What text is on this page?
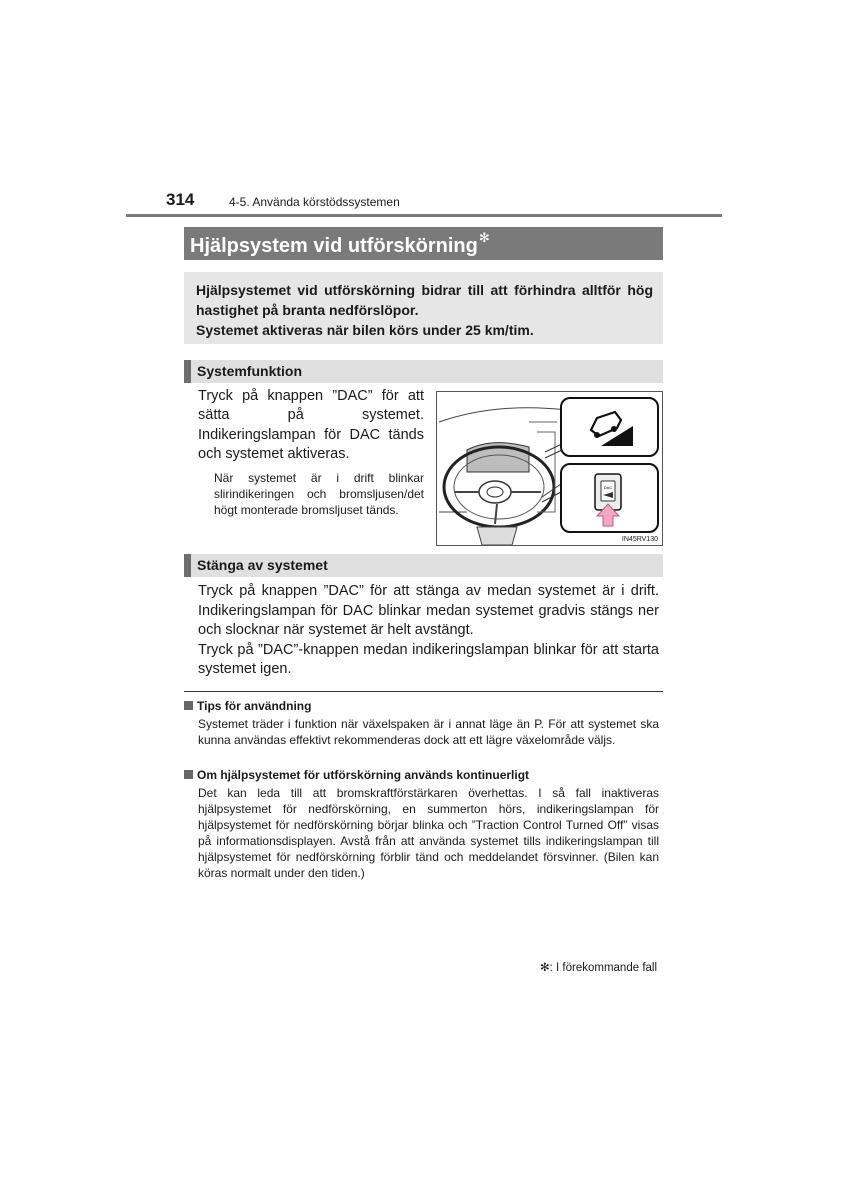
314	4-5. Använda körstödssystemen
Hjälpsystem vid utförskörning✻

Hjälpsystemet vid utförskörning bidrar till att förhindra alltför hög hastighet på branta nedförslöpor.

Systemet aktiveras när bilen körs under 25 km/tim.

Systemfunktion
Tryck på knappen ”DAC” för att sätta på systemet. Indikeringslampan för DAC tänds och systemet aktiveras.
När systemet är i drift blinkar slirindikeringen och bromsljusen/det högt monterade bromsljuset tänds.
DAC
IN45RV130
Stänga av systemet

Tryck på knappen ”DAC” för att stänga av medan systemet är i drift. Indikeringslampan för DAC blinkar medan systemet gradvis stängs ner och slocknar när systemet är helt avstängt.

Tryck på ”DAC”-knappen medan indikeringslampan blinkar för att starta systemet igen.

Tips för användning
Systemet träder i funktion när växelspaken är i annat läge än P. För att systemet ska kunna användas effektivt rekommenderas dock att ett lägre växelområde väljs.
Om hjälpsystemet för utförskörning används kontinuerligt
Det kan leda till att bromskraftförstärkaren överhettas. I så fall inaktiveras hjälpsystemet för nedförskörning, en summerton hörs, indikeringslampan för hjälpsystemet för nedförskörning börjar blinka och ”Traction Control Turned Off” visas på informationsdisplayen. Avstå från att använda systemet tills indikeringslampan till hjälpsystemet för nedförskörning förblir tänd och meddelandet försvinner. (Bilen kan köras normalt under den tiden.)
✻: I förekommande fall
